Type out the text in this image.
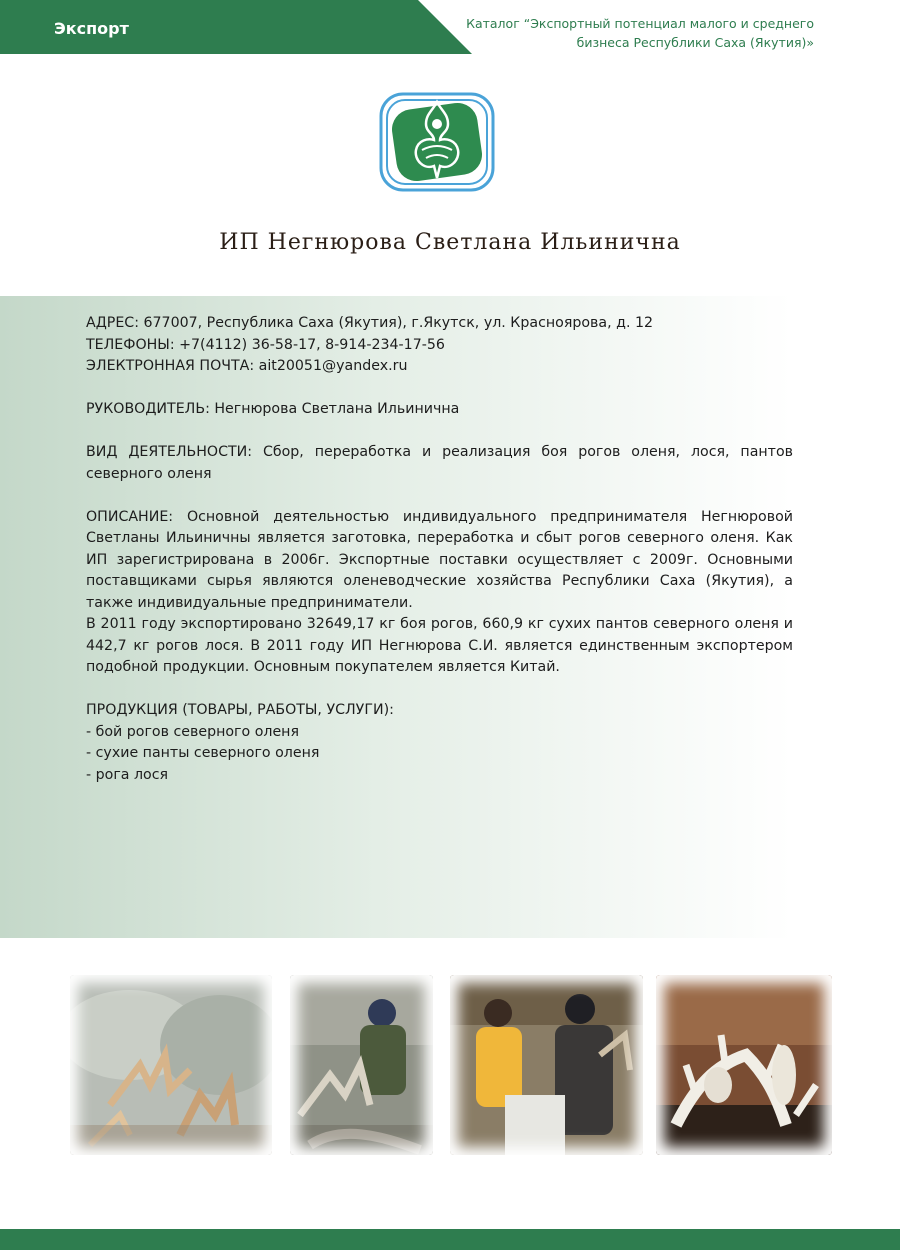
Экспорт	Каталог “Экспортный потенциал малого и среднего
бизнеса Республики Саха (Якутия)»
ИП Негнюрова Светлана Ильинична

АДРЕС: 677007, Республика Саха (Якутия), г.Якутск, ул. Красноярова, д. 12

ТЕЛЕФОНЫ: +7(4112) 36-58-17, 8-914-234-17-56

ЭЛЕКТРОННАЯ ПОЧТА: ait20051@yandex.ru

РУКОВОДИТЕЛЬ: Негнюрова Светлана Ильинична

ВИД ДЕЯТЕЛЬНОСТИ: Сбор, переработка и реализация боя рогов оленя, лося, пантов северного оленя

ОПИСАНИЕ: Основной деятельностью индивидуального предпринимателя Негнюровой Светланы Ильиничны является заготовка, переработка и сбыт рогов северного оленя. Как ИП зарегистрирована в 2006г. Экспортные поставки осуществляет с 2009г. Основными поставщиками сырья являются оленеводческие хозяйства Республики Саха (Якутия), а также индивидуальные предприниматели.

В 2011 году экспортировано 32649,17 кг боя рогов, 660,9 кг сухих пантов северного оленя и 442,7 кг рогов лося. В 2011 году ИП Негнюрова С.И. является единственным экспортером подобной продукции. Основным покупателем является Китай.

ПРОДУКЦИЯ (ТОВАРЫ, РАБОТЫ, УСЛУГИ):

- бой рогов северного оленя

- сухие панты северного оленя

- рога лося
